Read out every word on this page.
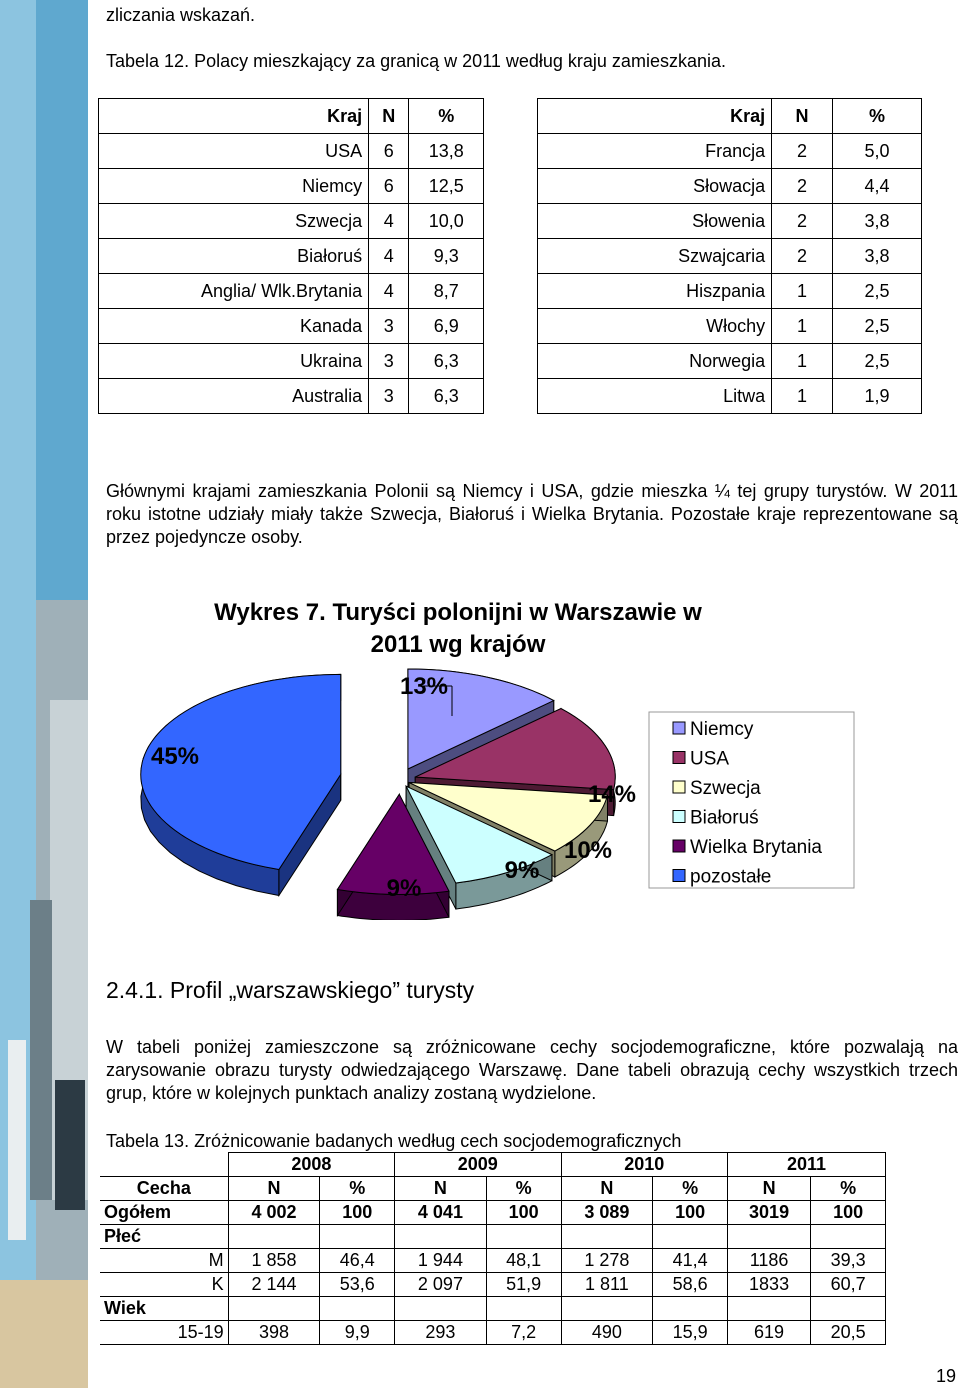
zliczania wskazań.
Tabela 12. Polacy mieszkający za granicą w 2011 według kraju zamieszkania.
Kraj	N	%
USA	6	13,8
Niemcy	6	12,5
Szwecja	4	10,0
Białoruś	4	9,3
Anglia/ Wlk.Brytania	4	8,7
Kanada	3	6,9
Ukraina	3	6,3
Australia	3	6,3
Kraj	N	%
Francja	2	5,0
Słowacja	2	4,4
Słowenia	2	3,8
Szwajcaria	2	3,8
Hiszpania	1	2,5
Włochy	1	2,5
Norwegia	1	2,5
Litwa	1	1,9
Głównymi krajami zamieszkania Polonii są Niemcy i USA, gdzie mieszka ¼ tej grupy turystów. W 2011 roku istotne udziały miały także Szwecja, Białoruś i Wielka Brytania. Pozostałe kraje reprezentowane są przez pojedyncze osoby.
Wykres 7. Turyści polonijni w Warszawie w
2011 wg krajów
13%
14%
10%
9%
9%
45%
Niemcy
USA
Szwecja
Białoruś
Wielka Brytania
pozostałe
2.4.1. Profil „warszawskiego” turysty
W tabeli poniżej zamieszczone są zróżnicowane cechy socjodemograficzne, które pozwalają na zarysowanie obrazu turysty odwiedzającego Warszawę. Dane tabeli obrazują cechy wszystkich trzech grup, które w kolejnych punktach analizy zostaną wydzielone.
Tabela 13. Zróżnicowanie badanych według cech socjodemograficznych
	2008		2009		2010		2011	
Cecha	N	%	N	%	N	%	N	%
Ogółem	4 002	100	4 041	100	3 089	100	3019	100
Płeć								
M	1 858	46,4	1 944	48,1	1 278	41,4	1186	39,3
K	2 144	53,6	2 097	51,9	1 811	58,6	1833	60,7
Wiek								
15-19	398	9,9	293	7,2	490	15,9	619	20,5
19
